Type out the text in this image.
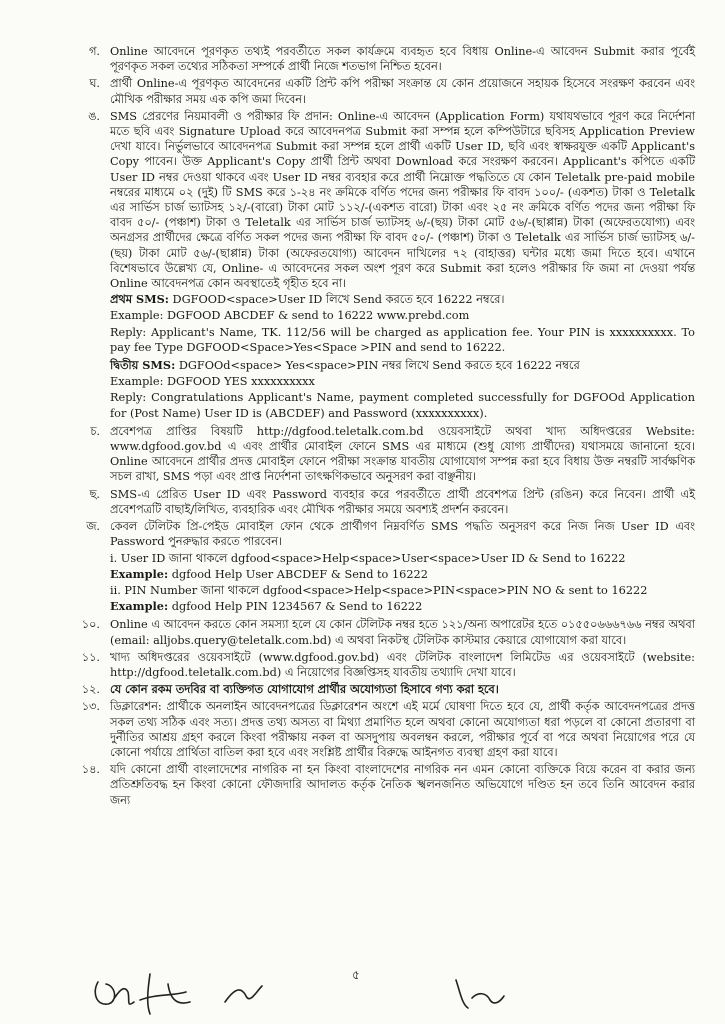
গ. Online আবেদনে পূরণকৃত তথ্যই পরবর্তীতে সকল কার্যক্রমে ব্যবহৃত হবে বিধায় Online-এ আবেদন Submit করার পূর্বেই পূরণকৃত সকল তথ্যের সঠিকতা সম্পর্কে প্রার্থী নিজে শতভাগ নিশ্চিত হবেন।
ঘ. প্রার্থী Online-এ পূরণকৃত আবেদনের একটি প্রিন্ট কপি পরীক্ষা সংক্রান্ত যে কোন প্রয়োজনে সহায়ক হিসেবে সংরক্ষণ করবেন এবং মৌখিক পরীক্ষার সময় এক কপি জমা দিবেন।
ঙ. SMS প্রেরণের নিয়মাবলী ও পরীক্ষার ফি প্রদান: Online-এ আবেদন (Application Form) যথাযথভাবে পূরণ করে নির্দেশনা মতে ছবি এবং Signature Upload করে আবেদনপত্র Submit করা সম্পন্ন হলে কম্পিউটারে ছবিসহ Application Preview দেখা যাবে। নির্ভুলভাবে আবেদনপত্র Submit করা সম্পন্ন হলে প্রার্থী একটি User ID, ছবি এবং স্বাক্ষরযুক্ত একটি Applicant's Copy পাবেন। উক্ত Applicant's Copy প্রার্থী প্রিন্ট অথবা Download করে সংরক্ষণ করবেন। Applicant's কপিতে একটি User ID নম্বর দেওয়া থাকবে এবং User ID নম্বর ব্যবহার করে প্রার্থী নিম্নোক্ত পদ্ধতিতে যে কোন Teletalk pre-paid mobile নম্বরের মাধ্যমে ০২ (দুই) টি SMS করে ১-২৪ নং ক্রমিকে বর্ণিত পদের জন্য পরীক্ষার ফি বাবদ ১০০/- (একশত) টাকা ও Teletalk এর সার্ভিস চার্জ ভ্যাটসহ ১২/-(বারো) টাকা মোট ১১২/-(একশত বারো) টাকা এবং ২৫ নং ক্রমিকে বর্ণিত পদের জন্য পরীক্ষা ফি বাবদ ৫০/- (পঞ্চাশ) টাকা ও Teletalk এর সার্ভিস চার্জ ভ্যাটসহ ৬/-(ছয়) টাকা মোট ৫৬/-(ছাপ্পান্ন) টাকা (অফেরতযোগ্য) এবং অনগ্রসর প্রার্থীদের ক্ষেত্রে বর্ণিত সকল পদের জন্য পরীক্ষা ফি বাবদ ৫০/- (পঞ্চাশ) টাকা ও Teletalk এর সার্ভিস চার্জ ভ্যাটসহ ৬/-(ছয়) টাকা মোট ৫৬/-(ছাপ্পান্ন) টাকা (অফেরতযোগ্য) আবেদন দাখিলের ৭২ (বাহাত্তর) ঘন্টার মধ্যে জমা দিতে হবে। এখানে বিশেষভাবে উল্লেখ্য যে, Online- এ আবেদনের সকল অংশ পূরণ করে Submit করা হলেও পরীক্ষার ফি জমা না দেওয়া পর্যন্ত Online আবেদনপত্র কোন অবস্থাতেই গৃহীত হবে না।
প্রথম SMS: DGFOOD<space>User ID লিখে Send করতে হবে 16222 নম্বরে।
Example: DGFOOD ABCDEF & send to 16222 www.prebd.com
Reply: Applicant's Name, TK. 112/56 will be charged as application fee. Your PIN is xxxxxxxxxx. To pay fee Type DGFOOD<Space>Yes<Space >PIN and send to 16222.
দ্বিতীয় SMS: DGFOOd<space> Yes<space>PIN নম্বর লিখে Send করতে হবে 16222 নম্বরে
Example: DGFOOD YES xxxxxxxxxx
Reply: Congratulations Applicant's Name, payment completed successfully for DGFOOd Application for (Post Name) User ID is (ABCDEF) and Password (xxxxxxxxxx).
চ. প্রবেশপত্র প্রাপ্তির বিষয়টি http://dgfood.teletalk.com.bd ওয়েবসাইটে অথবা খাদ্য অধিদপ্তরের Website: www.dgfood.gov.bd এ এবং প্রার্থীর মোবাইল ফোনে SMS এর মাধ্যমে (শুধু যোগ্য প্রার্থীদের) যথাসময়ে জানানো হবে। Online আবেদনে প্রার্থীর প্রদত্ত মোবাইল ফোনে পরীক্ষা সংক্রান্ত যাবতীয় যোগাযোগ সম্পন্ন করা হবে বিধায় উক্ত নম্বরটি সার্বক্ষণিক সচল রাখা, SMS পড়া এবং প্রাপ্ত নির্দেশনা তাৎক্ষণিকভাবে অনুসরণ করা বাঞ্ছনীয়।
ছ. SMS-এ প্রেরিত User ID এবং Password ব্যবহার করে পরবর্তীতে প্রার্থী প্রবেশপত্র প্রিন্ট (রঙিন) করে নিবেন। প্রার্থী এই প্রবেশপত্রটি বাছাই/লিখিত, ব্যবহারিক এবং মৌখিক পরীক্ষার সময়ে অবশ্যই প্রদর্শন করবেন।
জ. কেবল টেলিটক প্রি-পেইড মোবাইল ফোন থেকে প্রার্থীগণ নিম্নবর্ণিত SMS পদ্ধতি অনুসরণ করে নিজ নিজ User ID এবং Password পুনরুদ্ধার করতে পারবেন।
i. User ID জানা থাকলে dgfood<space>Help<space>User<space>User ID & Send to 16222
Example: dgfood Help User ABCDEF & Send to 16222
ii. PIN Number জানা থাকলে dgfood<space>Help<space>PIN<space>PIN NO & sent to 16222
Example: dgfood Help PIN 1234567 & Send to 16222
১০. Online এ আবেদন করতে কোন সমস্যা হলে যে কোন টেলিটক নম্বর হতে ১২১/অন্য অপারেটর হতে ০১৫৫০৬৬৬৭৬৬ নম্বর অথবা (email: alljobs.query@teletalk.com.bd) এ অথবা নিকটস্থ টেলিটক কাস্টমার কেয়ারে যোগাযোগ করা যাবে।
১১. খাদ্য অধিদপ্তরের ওয়েবসাইটে (www.dgfood.gov.bd) এবং টেলিটক বাংলাদেশ লিমিটেড এর ওয়েবসাইটে (website: http://dgfood.teletalk.com.bd) এ নিয়োগের বিজ্ঞপ্তিসহ যাবতীয় তথ্যাদি দেখা যাবে।
১২. যে কোন রকম তদবির বা ব্যক্তিগত যোগাযোগ প্রার্থীর অযোগ্যতা হিসাবে গণ্য করা হবে।
১৩. ডিক্লারেশন: প্রার্থীকে অনলাইন আবেদনপত্রের ডিক্লারেশন অংশে এই মর্মে ঘোষণা দিতে হবে যে, প্রার্থী কর্তৃক আবেদনপত্রের প্রদত্ত সকল তথ্য সঠিক এবং সত্য। প্রদত্ত তথ্য অসত্য বা মিথ্যা প্রমাণিত হলে অথবা কোনো অযোগ্যতা ধরা পড়লে বা কোনো প্রতারণা বা দুর্নীতির আশ্রয় গ্রহণ করলে কিংবা পরীক্ষায় নকল বা অসদুপায় অবলম্বন করলে, পরীক্ষার পূর্বে বা পরে অথবা নিয়োগের পরে যে কোনো পর্যায়ে প্রার্থিতা বাতিল করা হবে এবং সংশ্লিষ্ট প্রার্থীর বিরুদ্ধে আইনগত ব্যবস্থা গ্রহণ করা যাবে।
১৪. যদি কোনো প্রার্থী বাংলাদেশের নাগরিক না হন কিংবা বাংলাদেশের নাগরিক নন এমন কোনো ব্যক্তিকে বিয়ে করেন বা করার জন্য প্রতিশ্রুতিবদ্ধ হন কিংবা কোনো ফৌজদারি আদালত কর্তৃক নৈতিক স্খলনজনিত অভিযোগে দণ্ডিত হন তবে তিনি আবেদন করার জন্য
৫
